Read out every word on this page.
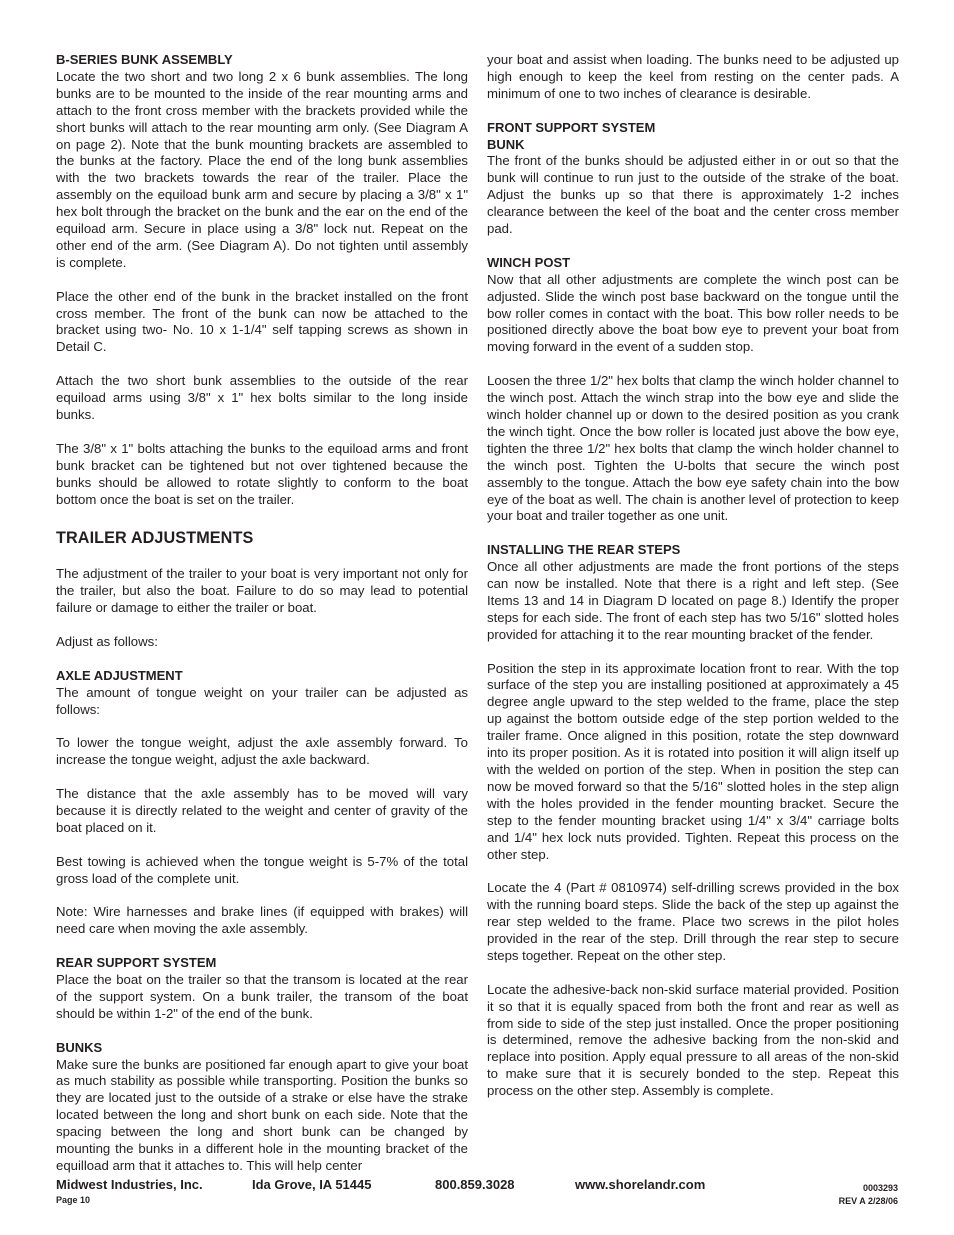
B-SERIES BUNK ASSEMBLY

Locate the two short and two long 2 x 6 bunk assemblies. The long bunks are to be mounted to the inside of the rear mounting arms and attach to the front cross member with the brackets provided while the short bunks will attach to the rear mounting arm only. (See Diagram A on page 2). Note that the bunk mounting brackets are assembled to the bunks at the factory. Place the end of the long bunk assemblies with the two brackets towards the rear of the trailer. Place the assembly on the equiload bunk arm and secure by placing a 3/8" x 1" hex bolt through the bracket on the bunk and the ear on the end of the equiload arm. Secure in place using a 3/8" lock nut. Repeat on the other end of the arm. (See Diagram A). Do not tighten until assembly is complete.

Place the other end of the bunk in the bracket installed on the front cross member. The front of the bunk can now be attached to the bracket using two- No. 10 x 1-1/4" self tapping screws as shown in Detail C.

Attach the two short bunk assemblies to the outside of the rear equiload arms using 3/8" x 1" hex bolts similar to the long inside bunks.

The 3/8" x 1" bolts attaching the bunks to the equiload arms and front bunk bracket can be tightened but not over tightened because the bunks should be allowed to rotate slightly to conform to the boat bottom once the boat is set on the trailer.

TRAILER ADJUSTMENTS

The adjustment of the trailer to your boat is very important not only for the trailer, but also the boat. Failure to do so may lead to potential failure or damage to either the trailer or boat.

Adjust as follows:

AXLE ADJUSTMENT

The amount of tongue weight on your trailer can be adjusted as follows:

To lower the tongue weight, adjust the axle assembly forward. To increase the tongue weight, adjust the axle backward.

The distance that the axle assembly has to be moved will vary because it is directly related to the weight and center of gravity of the boat placed on it.

Best towing is achieved when the tongue weight is 5-7% of the total gross load of the complete unit.

Note: Wire harnesses and brake lines (if equipped with brakes) will need care when moving the axle assembly.

REAR SUPPORT SYSTEM

Place the boat on the trailer so that the transom is located at the rear of the support system. On a bunk trailer, the transom of the boat should be within 1-2" of the end of the bunk.

BUNKS

Make sure the bunks are positioned far enough apart to give your boat as much stability as possible while transporting. Position the bunks so they are located just to the outside of a strake or else have the strake located between the long and short bunk on each side. Note that the spacing between the long and short bunk can be changed by mounting the bunks in a different hole in the mounting bracket of the equilload arm that it attaches to. This will help center

your boat and assist when loading. The bunks need to be adjusted up high enough to keep the keel from resting on the center pads. A minimum of one to two inches of clearance is desirable.

FRONT SUPPORT SYSTEM
BUNK

The front of the bunks should be adjusted either in or out so that the bunk will continue to run just to the outside of the strake of the boat. Adjust the bunks up so that there is approximately 1-2 inches clearance between the keel of the boat and the center cross member pad.

WINCH POST

Now that all other adjustments are complete the winch post can be adjusted. Slide the winch post base backward on the tongue until the bow roller comes in contact with the boat. This bow roller needs to be positioned directly above the boat bow eye to prevent your boat from moving forward in the event of a sudden stop.

Loosen the three 1/2" hex bolts that clamp the winch holder channel to the winch post. Attach the winch strap into the bow eye and slide the winch holder channel up or down to the desired position as you crank the winch tight. Once the bow roller is located just above the bow eye, tighten the three 1/2" hex bolts that clamp the winch holder channel to the winch post. Tighten the U-bolts that secure the winch post assembly to the tongue. Attach the bow eye safety chain into the bow eye of the boat as well. The chain is another level of protection to keep your boat and trailer together as one unit.

INSTALLING THE REAR STEPS

Once all other adjustments are made the front portions of the steps can now be installed. Note that there is a right and left step. (See Items 13 and 14 in Diagram D located on page 8.) Identify the proper steps for each side. The front of each step has two 5/16" slotted holes provided for attaching it to the rear mounting bracket of the fender.

Position the step in its approximate location front to rear. With the top surface of the step you are installing positioned at approximately a 45 degree angle upward to the step welded to the frame, place the step up against the bottom outside edge of the step portion welded to the trailer frame. Once aligned in this position, rotate the step downward into its proper position. As it is rotated into position it will align itself up with the welded on portion of the step. When in position the step can now be moved forward so that the 5/16" slotted holes in the step align with the holes provided in the fender mounting bracket. Secure the step to the fender mounting bracket using 1/4" x 3/4" carriage bolts and 1/4" hex lock nuts provided. Tighten. Repeat this process on the other step.

Locate the 4 (Part # 0810974) self-drilling screws provided in the box with the running board steps. Slide the back of the step up against the rear step welded to the frame. Place two screws in the pilot holes provided in the rear of the step. Drill through the rear step to secure steps together. Repeat on the other step.

Locate the adhesive-back non-skid surface material provided. Position it so that it is equally spaced from both the front and rear as well as from side to side of the step just installed. Once the proper positioning is determined, remove the adhesive backing from the non-skid and replace into position. Apply equal pressure to all areas of the non-skid to make sure that it is securely bonded to the step. Repeat this process on the other step. Assembly is complete.

Midwest Industries, Inc.	Ida Grove, IA 51445	800.859.3028	www.shorelandr.com
Page 10
0003293
REV A 2/28/06
